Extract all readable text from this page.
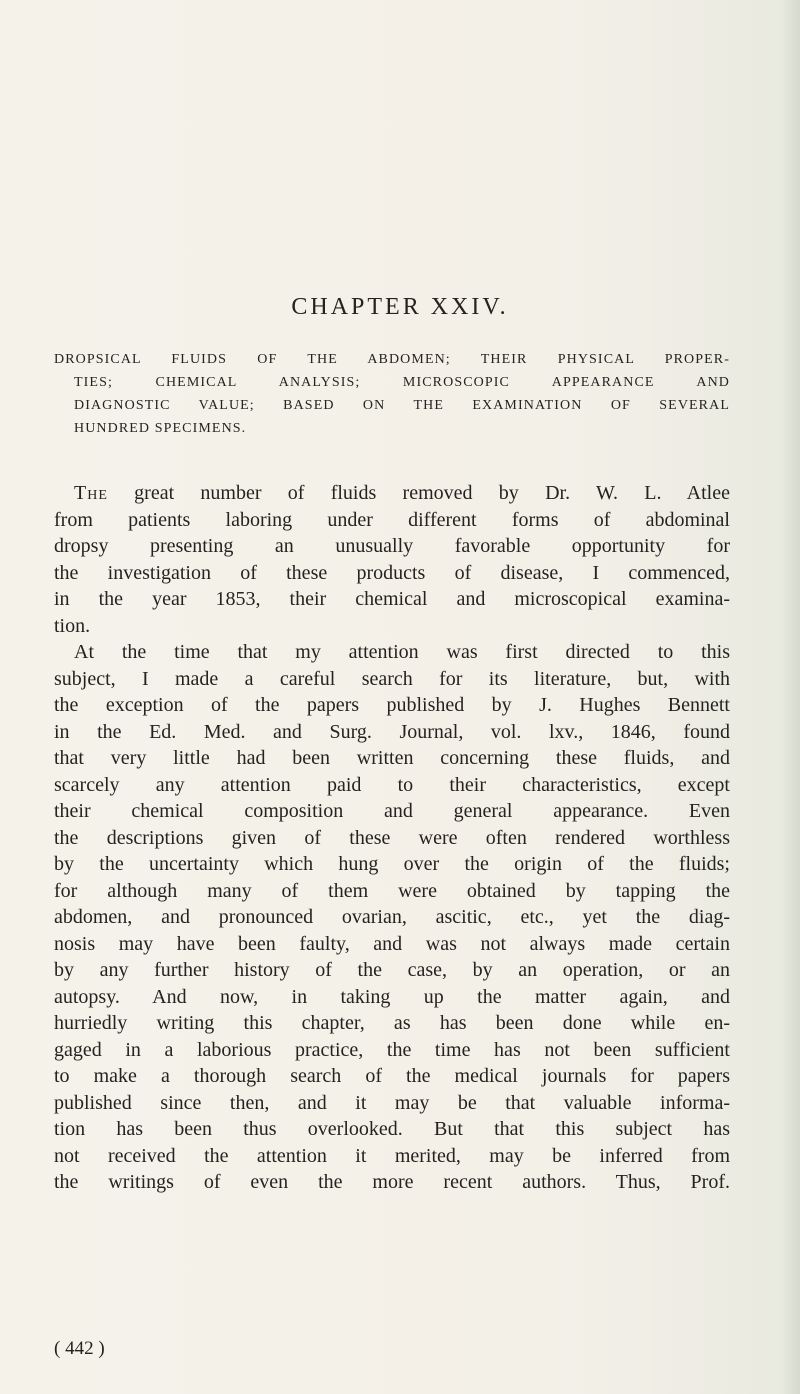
CHAPTER XXIV.

DROPSICAL FLUIDS OF THE ABDOMEN; THEIR PHYSICAL PROPER-
TIES; CHEMICAL ANALYSIS; MICROSCOPIC APPEARANCE AND
DIAGNOSTIC VALUE; BASED ON THE EXAMINATION OF SEVERAL
HUNDRED SPECIMENS.

The great number of fluids removed by Dr. W. L. Atlee
from patients laboring under different forms of abdominal
dropsy presenting an unusually favorable opportunity for
the investigation of these products of disease, I commenced,
in the year 1853, their chemical and microscopical examina-
tion.

At the time that my attention was first directed to this
subject, I made a careful search for its literature, but, with
the exception of the papers published by J. Hughes Bennett
in the Ed. Med. and Surg. Journal, vol. lxv., 1846, found
that very little had been written concerning these fluids, and
scarcely any attention paid to their characteristics, except
their chemical composition and general appearance. Even
the descriptions given of these were often rendered worthless
by the uncertainty which hung over the origin of the fluids;
for although many of them were obtained by tapping the
abdomen, and pronounced ovarian, ascitic, etc., yet the diag-
nosis may have been faulty, and was not always made certain
by any further history of the case, by an operation, or an
autopsy. And now, in taking up the matter again, and
hurriedly writing this chapter, as has been done while en-
gaged in a laborious practice, the time has not been sufficient
to make a thorough search of the medical journals for papers
published since then, and it may be that valuable informa-
tion has been thus overlooked. But that this subject has
not received the attention it merited, may be inferred from
the writings of even the more recent authors. Thus, Prof.

( 442 )
